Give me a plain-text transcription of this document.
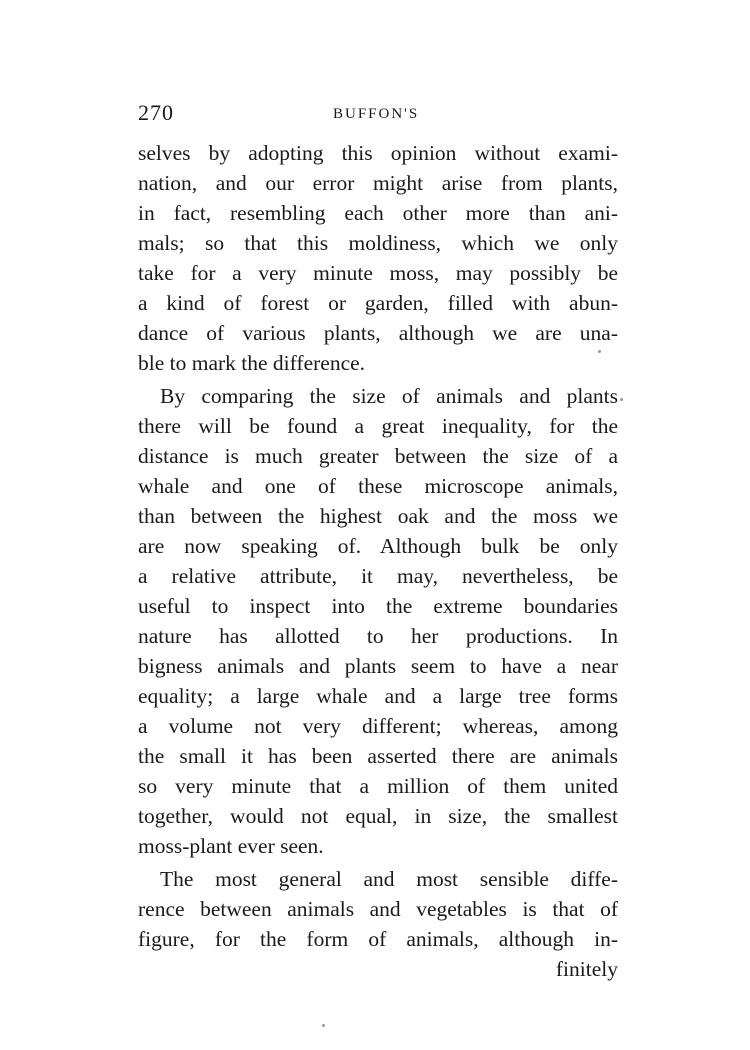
270	BUFFON'S
selves by adopting this opinion without exami-
nation, and our error might arise from plants,
in fact, resembling each other more than ani-
mals; so that this moldiness, which we only
take for a very minute moss, may possibly be
a kind of forest or garden, filled with abun-
dance of various plants, although we are una-
ble to mark the difference.
By comparing the size of animals and plants
there will be found a great inequality, for the
distance is much greater between the size of a
whale and one of these microscope animals,
than between the highest oak and the moss we
are now speaking of. Although bulk be only
a relative attribute, it may, nevertheless, be
useful to inspect into the extreme boundaries
nature has allotted to her productions. In
bigness animals and plants seem to have a near
equality; a large whale and a large tree forms
a volume not very different; whereas, among
the small it has been asserted there are animals
so very minute that a million of them united
together, would not equal, in size, the smallest
moss-plant ever seen.
The most general and most sensible diffe-
rence between animals and vegetables is that of
figure, for the form of animals, although in-
finitely
